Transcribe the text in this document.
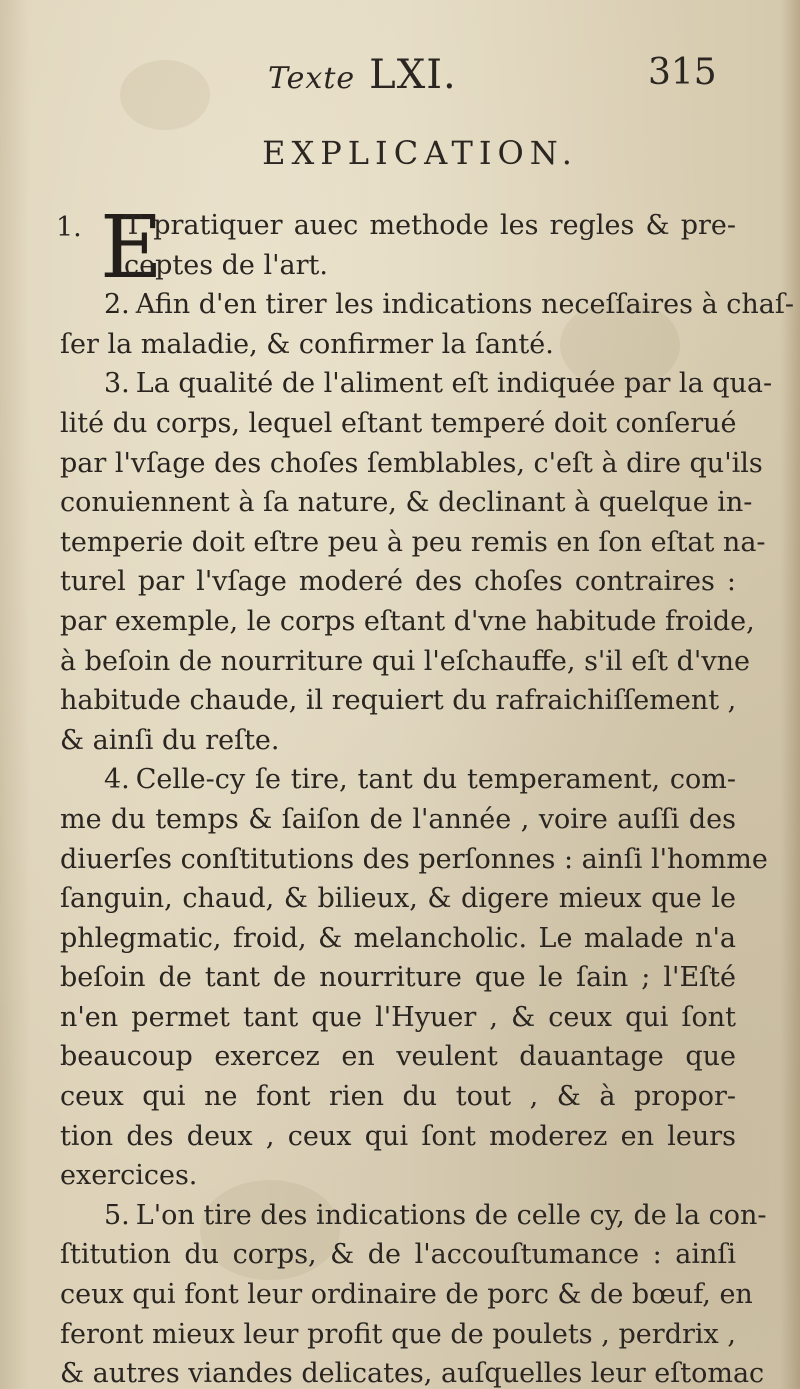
Texte LXI.	315
EXPLICATION.
1. E
T pratiquer auec methode les regles & pre-
ceptes de l'art.
2. Afin d'en tirer les indications neceſſaires à chaſ-
ſer la maladie, & confirmer la ſanté.
3. La qualité de l'aliment eſt indiquée par la qua-
lité du corps, lequel eſtant temperé doit conſerué
par l'vſage des choſes ſemblables, c'eſt à dire qu'ils
conuiennent à ſa nature, & declinant à quelque in-
temperie doit eſtre peu à peu remis en ſon eſtat na-
turel par l'vſage moderé des choſes contraires :
par exemple, le corps eſtant d'vne habitude froide,
à beſoin de nourriture qui l'eſchauffe, s'il eſt d'vne
habitude chaude, il requiert du rafraichiſſement ,
& ainſi du reſte.
4. Celle-cy ſe tire, tant du temperament, com-
me du temps & ſaiſon de l'année , voire auſſi des
diuerſes conſtitutions des perſonnes : ainſi l'homme
ſanguin, chaud, & bilieux, & digere mieux que le
phlegmatic, froid, & melancholic. Le malade n'a
beſoin de tant de nourriture que le ſain ; l'Eſté
n'en permet tant que l'Hyuer , & ceux qui ſont
beaucoup exercez en veulent dauantage que
ceux qui ne font rien du tout , & à propor-
tion des deux , ceux qui ſont moderez en leurs
exercices.
5. L'on tire des indications de celle cy, de la con-
ſtitution du corps, & de l'accouſtumance : ainſi
ceux qui font leur ordinaire de porc & de bœuf, en
feront mieux leur profit que de poulets , perdrix ,
& autres viandes delicates, auſquelles leur eſtomac
